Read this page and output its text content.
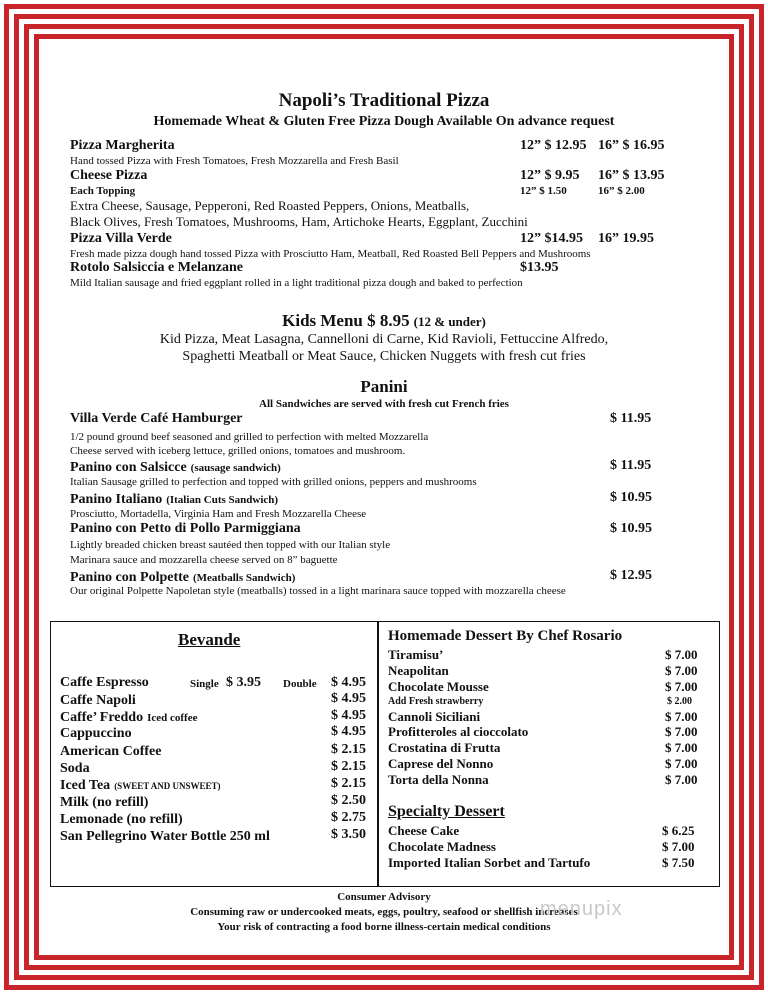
Napoli’s Traditional Pizza
Homemade Wheat & Gluten Free Pizza Dough Available On advance request
Pizza Margherita	12” $ 12.95 16” $ 16.95
Hand tossed Pizza with Fresh Tomatoes, Fresh Mozzarella and Fresh Basil
Cheese Pizza	12” $ 9.95 16” $ 13.95
Each Topping	12” $ 1.50	16” $ 2.00
Extra Cheese, Sausage, Pepperoni, Red Roasted Peppers, Onions, Meatballs,
Black Olives, Fresh Tomatoes, Mushrooms, Ham, Artichoke Hearts, Eggplant, Zucchini
Pizza Villa Verde	12” $14.95 16” 19.95
Fresh made pizza dough hand tossed Pizza with Prosciutto Ham, Meatball, Red Roasted Bell Peppers and Mushrooms
Rotolo Salsiccia e Melanzane	$13.95
Mild Italian sausage and fried eggplant rolled in a light traditional pizza dough and baked to perfection
Kids Menu $ 8.95 (12 & under)
Kid Pizza, Meat Lasagna, Cannelloni di Carne, Kid Ravioli, Fettuccine Alfredo,
Spaghetti Meatball or Meat Sauce, Chicken Nuggets with fresh cut fries
Panini
All Sandwiches are served with fresh cut French fries
Villa Verde Café Hamburger	$ 11.95
1/2 pound ground beef seasoned and grilled to perfection with melted Mozzarella
Cheese served with iceberg lettuce, grilled onions, tomatoes and mushroom.
Panino con Salsicce (sausage sandwich)	$ 11.95
Italian Sausage grilled to perfection and topped with grilled onions, peppers and mushrooms
Panino Italiano (Italian Cuts Sandwich)	$ 10.95
Prosciutto, Mortadella, Virginia Ham and Fresh Mozzarella Cheese
Panino con Petto di Pollo Parmiggiana	$ 10.95
Lightly breaded chicken breast sautéed then topped with our Italian style
Marinara sauce and mozzarella cheese served on 8” baguette
Panino con Polpette (Meatballs Sandwich)	$ 12.95
Our original Polpette Napoletan style (meatballs) tossed in a light marinara sauce topped with mozzarella cheese
Bevande
Caffe Espresso	Single $ 3.95 Double $ 4.95
Caffe Napoli	$ 4.95
Caffe’ Freddo Iced coffee	$ 4.95
Cappuccino	$ 4.95
American Coffee	$ 2.15
Soda	$ 2.15
Iced Tea (SWEET AND UNSWEET)	$ 2.15
Milk (no refill)	$ 2.50
Lemonade (no refill)	$ 2.75
San Pellegrino Water Bottle 250 ml	$ 3.50
Homemade Dessert By Chef Rosario
Tiramisu’	$ 7.00
Neapolitan	$ 7.00
Chocolate Mousse	$ 7.00
Add Fresh strawberry	$ 2.00
Cannoli Siciliani	$ 7.00
Profitteroles al cioccolato	$ 7.00
Crostatina di Frutta	$ 7.00
Caprese del Nonno	$ 7.00
Torta della Nonna	$ 7.00
Specialty Dessert
Cheese Cake	$ 6.25
Chocolate Madness	$ 7.00
Imported Italian Sorbet and Tartufo	$ 7.50
Consumer Advisory
Consuming raw or undercooked meats, eggs, poultry, seafood or shellfish increases
Your risk of contracting a food borne illness-certain medical conditions
menupix
